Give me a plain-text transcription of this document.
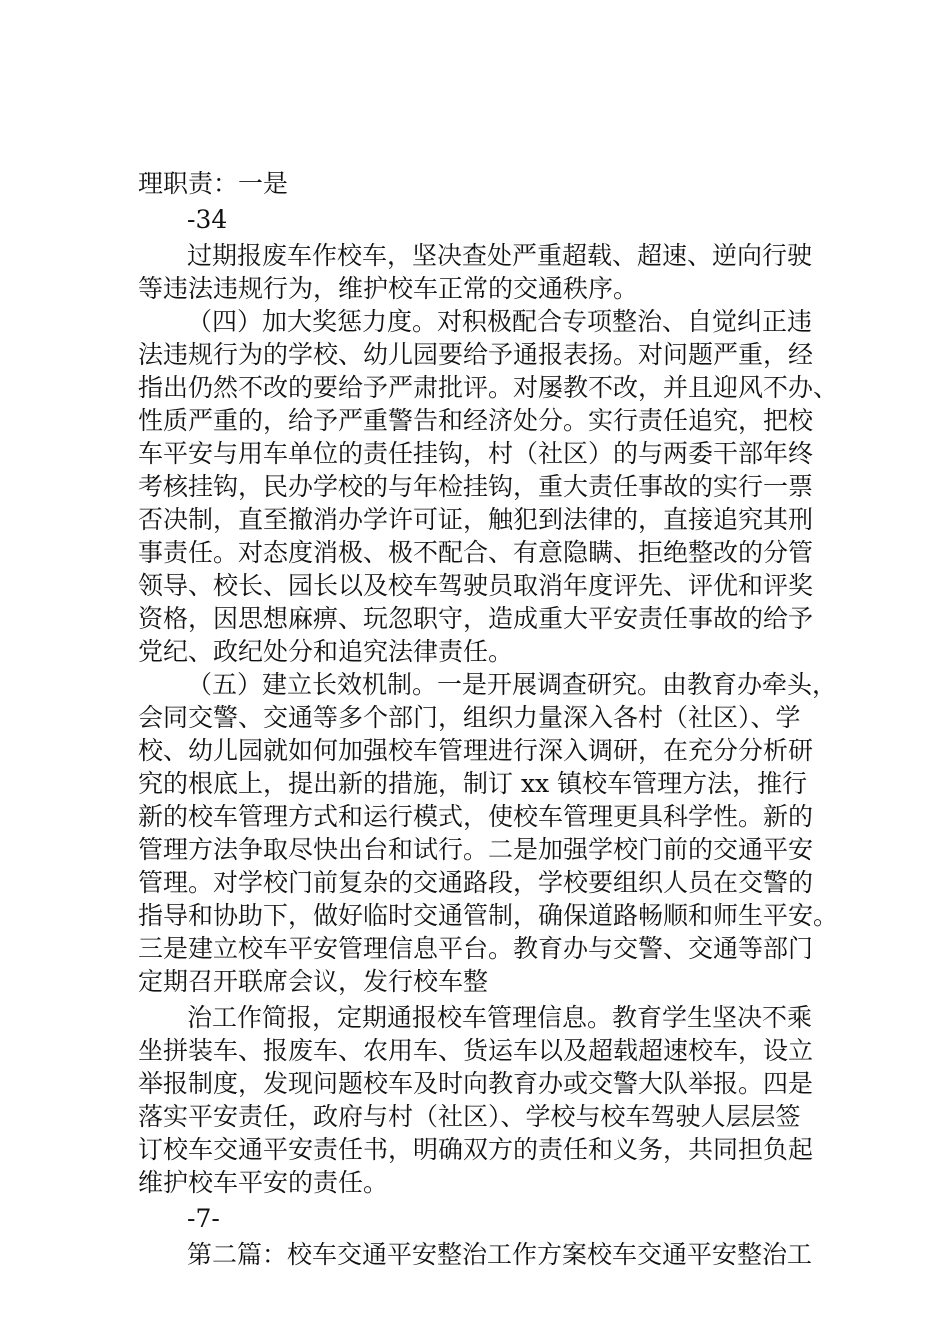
理职责：一是

-34

过期报废车作校车，坚决查处严重超载、超速、逆向行驶

等违法违规行为，维护校车正常的交通秩序。

（四）加大奖惩力度。对积极配合专项整治、自觉纠正违

法违规行为的学校、幼儿园要给予通报表扬。对问题严重，经

指出仍然不改的要给予严肃批评。对屡教不改，并且迎风不办、

性质严重的，给予严重警告和经济处分。实行责任追究，把校

车平安与用车单位的责任挂钩，村（社区）的与两委干部年终

考核挂钩，民办学校的与年检挂钩，重大责任事故的实行一票

否决制，直至撤消办学许可证，触犯到法律的，直接追究其刑

事责任。对态度消极、极不配合、有意隐瞒、拒绝整改的分管

领导、校长、园长以及校车驾驶员取消年度评先、评优和评奖

资格，因思想麻痹、玩忽职守，造成重大平安责任事故的给予

党纪、政纪处分和追究法律责任。

（五）建立长效机制。一是开展调查研究。由教育办牵头，

会同交警、交通等多个部门，组织力量深入各村（社区）、学

校、幼儿园就如何加强校车管理进行深入调研，在充分分析研

究的根底上，提出新的措施，制订 xx 镇校车管理方法，推行

新的校车管理方式和运行模式，使校车管理更具科学性。新的

管理方法争取尽快出台和试行。二是加强学校门前的交通平安

管理。对学校门前复杂的交通路段，学校要组织人员在交警的

指导和协助下，做好临时交通管制，确保道路畅顺和师生平安。

三是建立校车平安管理信息平台。教育办与交警、交通等部门

定期召开联席会议，发行校车整

治工作简报，定期通报校车管理信息。教育学生坚决不乘

坐拼装车、报废车、农用车、货运车以及超载超速校车，设立

举报制度，发现问题校车及时向教育办或交警大队举报。四是

落实平安责任，政府与村（社区）、学校与校车驾驶人层层签

订校车交通平安责任书，明确双方的责任和义务，共同担负起

维护校车平安的责任。

-7-

第二篇：校车交通平安整治工作方案校车交通平安整治工
